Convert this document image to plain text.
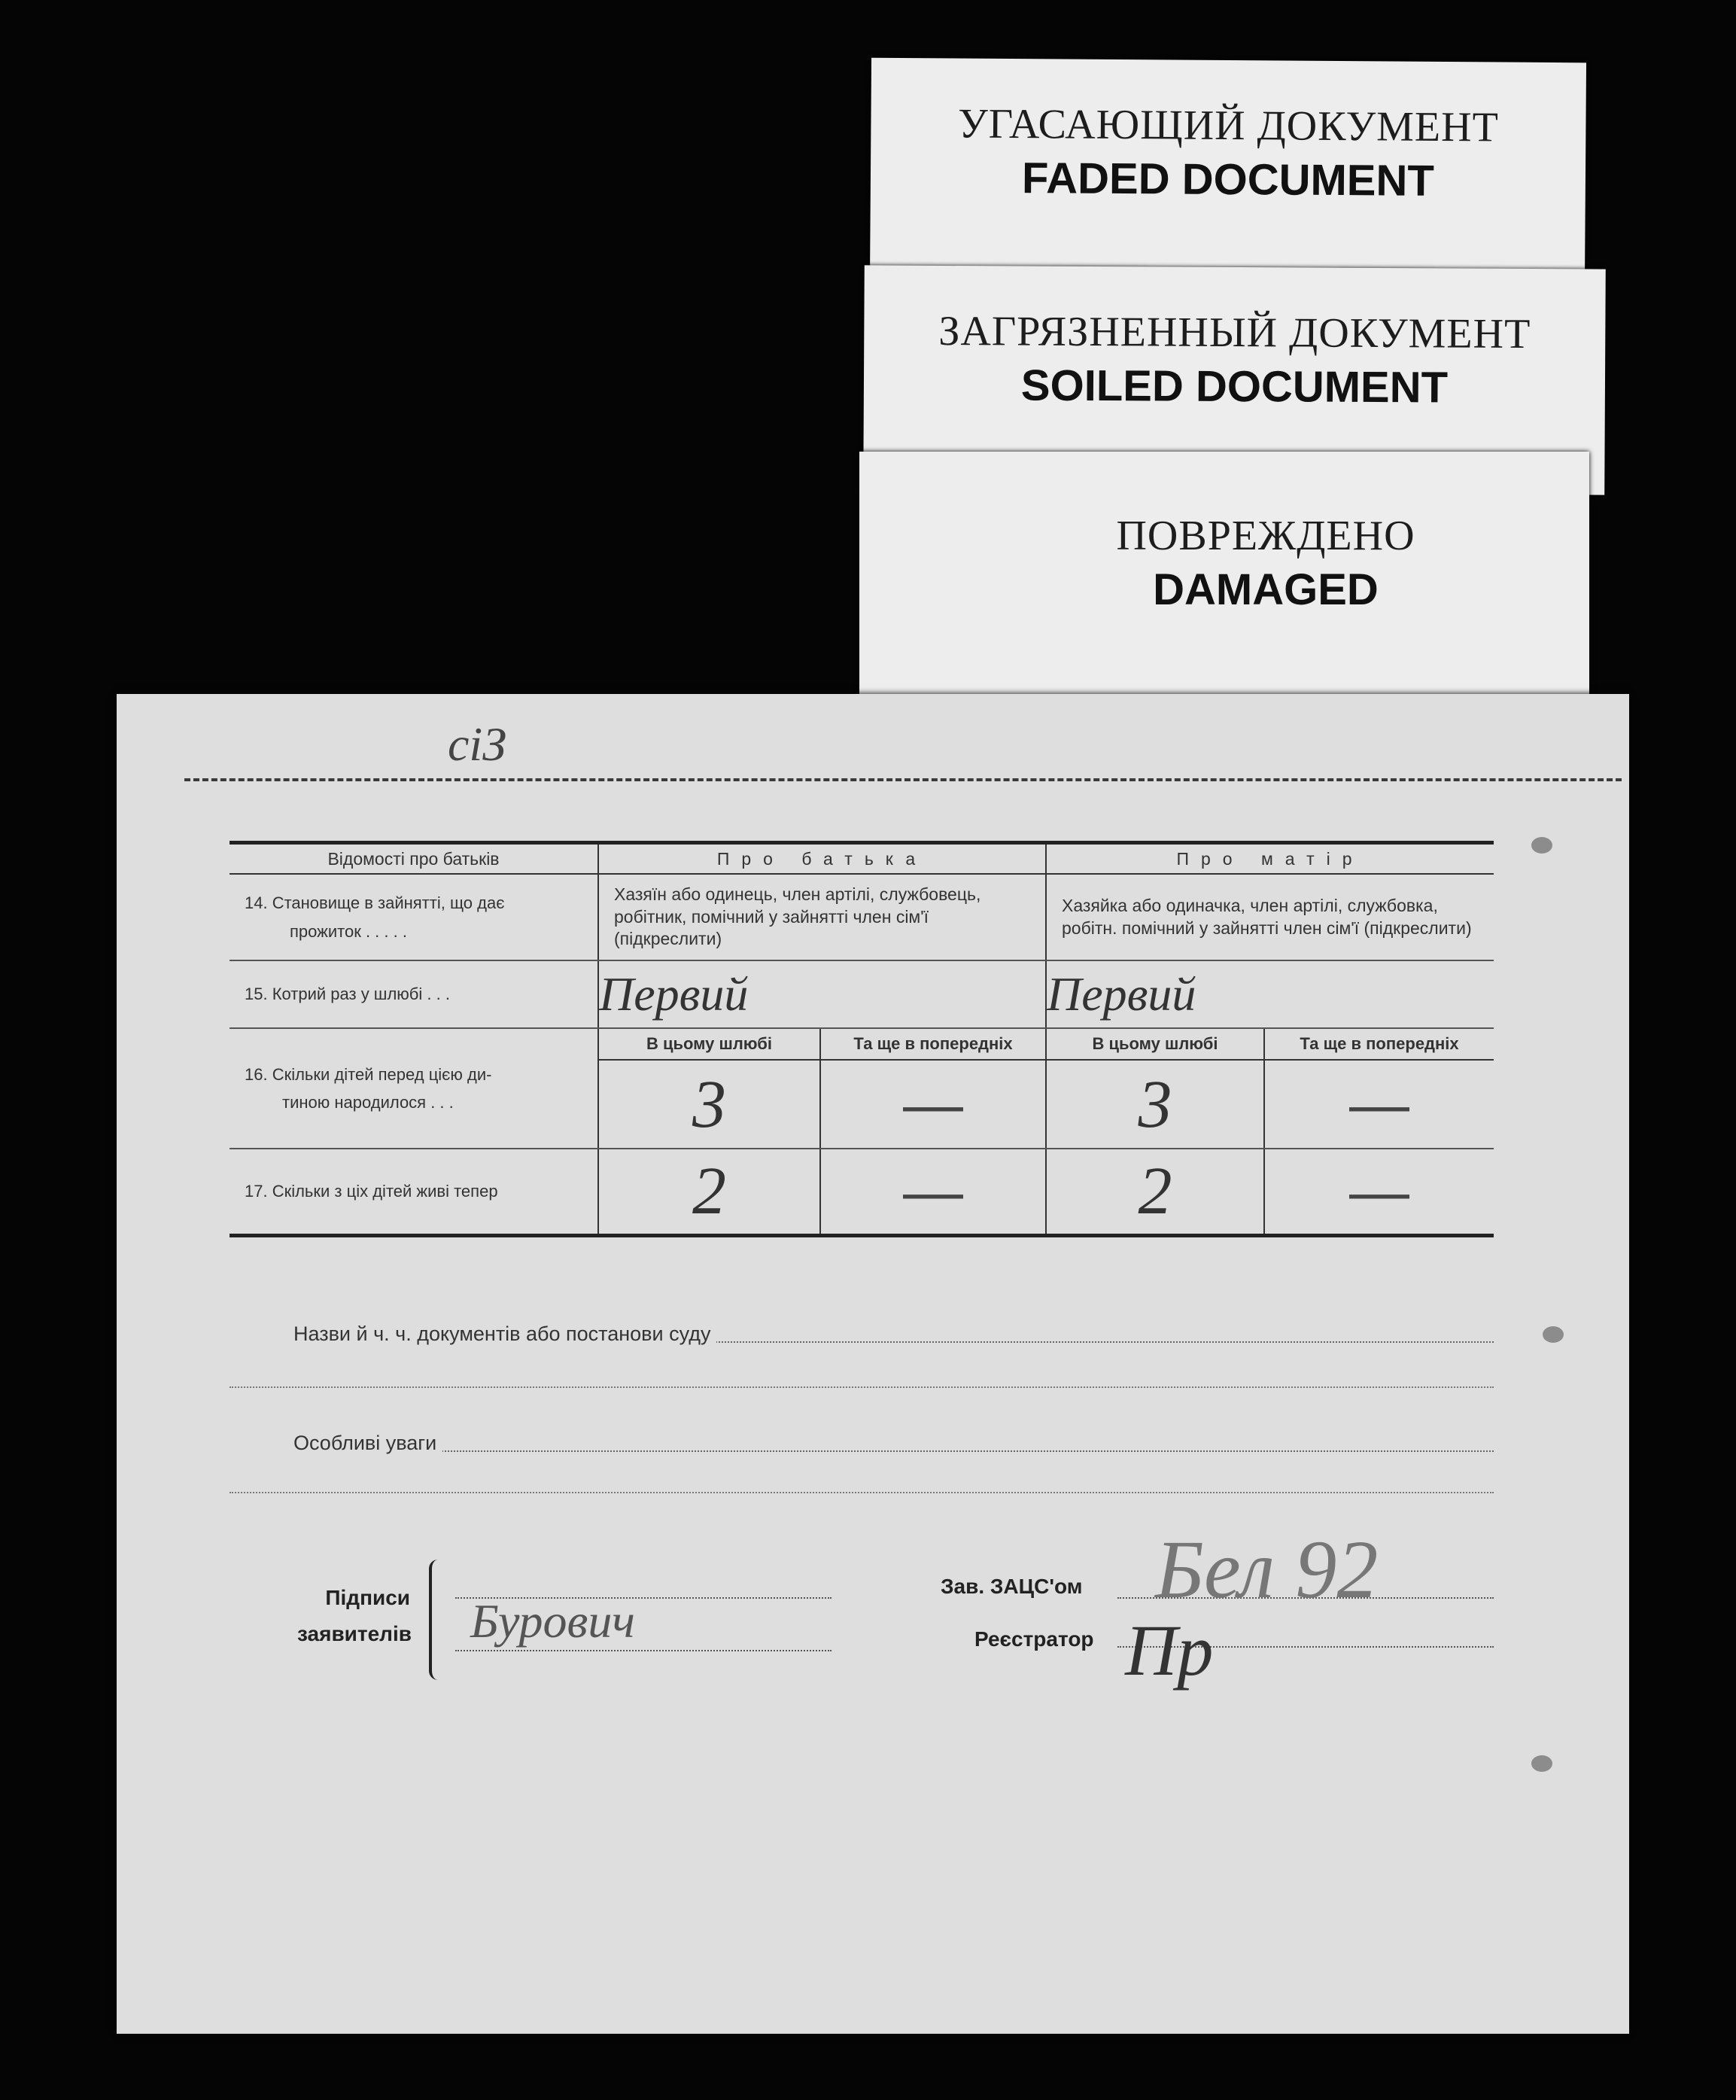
УГАСАЮЩИЙ ДОКУМЕНТ
FADED DOCUMENT
ЗАГРЯЗНЕННЫЙ ДОКУМЕНТ
SOILED DOCUMENT
ПОВРЕЖДЕНО
DAMAGED
ciЗ
Відомості про батьків	Про батька		Про матір	

14. Становище в зайнятті, що дає
прожиток . . . . .	Хазяїн або одинець, член артілі, службовець, робітник, помічний у зайнятті член сім'ї (підкреслити)		Хазяйка або одиначка, член артілі, службовка, робітн. помічний у зайнятті член сім'ї (підкреслити)	
15. Котрий раз у шлюбі . . .	Первий		Первий	

16. Скільки дітей перед цією ди-
тиною народилося . . .	В цьому шлюбі	Та ще в попередніх	В цьому шлюбі	Та ще в попередніх
	3	—	3	—
17. Скільки з ціх дітей живі тепер	2	—	2	—
Назви й ч. ч. документів або постанови суду
Особливі уваги
Підписи
заявителів Бурович
Зав. ЗАЦС'ом
Реєстратор
Бел 92
Пр
